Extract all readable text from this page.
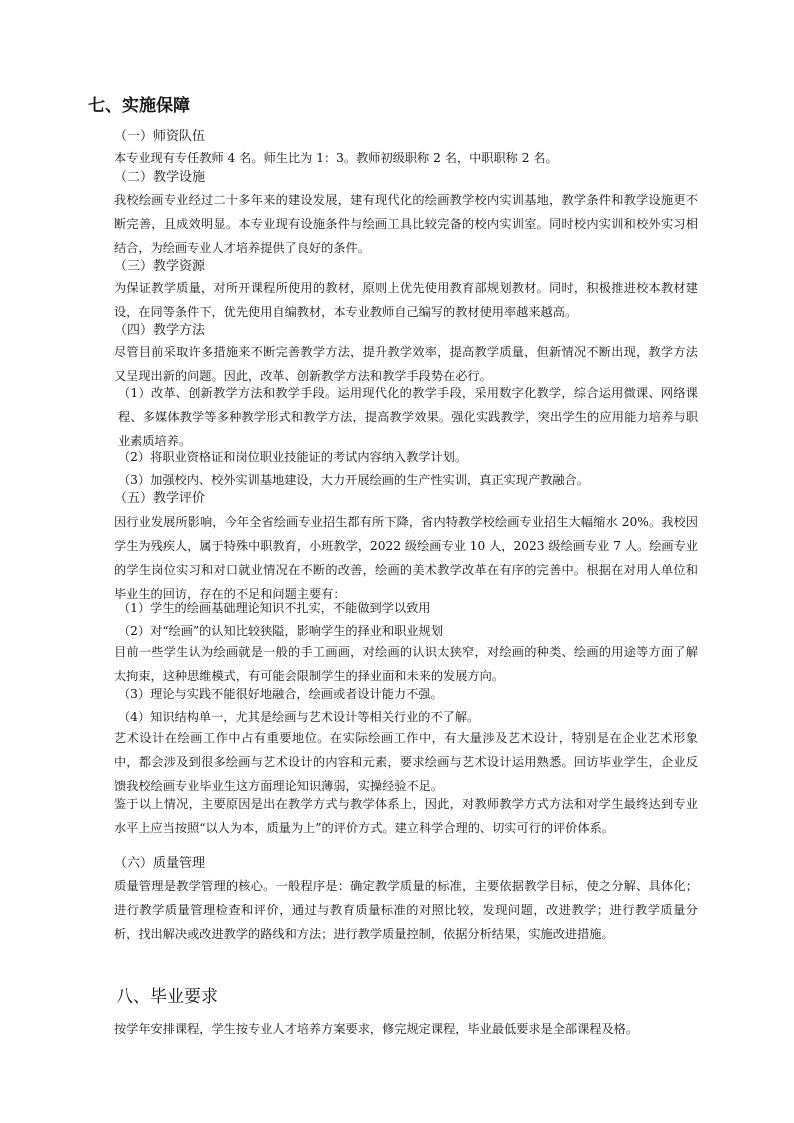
七、实施保障
（一）师资队伍
本专业现有专任教师 4 名。师生比为 1：3。教师初级职称 2 名，中职职称 2 名。
（二）教学设施
我校绘画专业经过二十多年来的建设发展，建有现代化的绘画教学校内实训基地，教学条件和教学设施更不断完善，且成效明显。本专业现有设施条件与绘画工具比较完备的校内实训室。同时校内实训和校外实习相结合，为绘画专业人才培养提供了良好的条件。
（三）教学资源
为保证教学质量，对所开课程所使用的教材，原则上优先使用教育部规划教材。同时，积极推进校本教材建设，在同等条件下，优先使用自编教材，本专业教师自己编写的教材使用率越来越高。
（四）教学方法
尽管目前采取许多措施来不断完善教学方法，提升教学效率，提高教学质量，但新情况不断出现，教学方法又呈现出新的问题。因此，改革、创新教学方法和教学手段势在必行。
（1）改革、创新教学方法和教学手段。运用现代化的教学手段，采用数字化教学，综合运用微课、网络课程、多媒体教学等多种教学形式和教学方法，提高教学效果。强化实践教学，突出学生的应用能力培养与职业素质培养。
（2）将职业资格证和岗位职业技能证的考试内容纳入教学计划。
（3）加强校内、校外实训基地建设，大力开展绘画的生产性实训，真正实现产教融合。
（五）教学评价
因行业发展所影响，今年全省绘画专业招生都有所下降，省内特教学校绘画专业招生大幅缩水 20%。我校因学生为残疾人，属于特殊中职教育，小班教学，2022 级绘画专业 10 人，2023 级绘画专业 7 人。绘画专业的学生岗位实习和对口就业情况在不断的改善，绘画的美术教学改革在有序的完善中。根据在对用人单位和毕业生的回访，存在的不足和问题主要有：
（1）学生的绘画基础理论知识不扎实，不能做到学以致用
（2）对“绘画”的认知比较狭隘，影响学生的择业和职业规划
目前一些学生认为绘画就是一般的手工画画，对绘画的认识太狭窄，对绘画的种类、绘画的用途等方面了解太拘束，这种思维模式，有可能会限制学生的择业面和未来的发展方向。
（3）理论与实践不能很好地融合，绘画或者设计能力不强。
（4）知识结构单一，尤其是绘画与艺术设计等相关行业的不了解。
艺术设计在绘画工作中占有重要地位。在实际绘画工作中，有大量涉及艺术设计，特别是在企业艺术形象中，都会涉及到很多绘画与艺术设计的内容和元素，要求绘画与艺术设计运用熟悉。回访毕业学生，企业反馈我校绘画专业毕业生这方面理论知识薄弱，实操经验不足。
鉴于以上情况，主要原因是出在教学方式与教学体系上，因此，对教师教学方式方法和对学生最终达到专业水平上应当按照“以人为本，质量为上”的评价方式。建立科学合理的、切实可行的评价体系。
（六）质量管理
质量管理是教学管理的核心。一般程序是：确定教学质量的标准，主要依据教学目标，使之分解、具体化；进行教学质量管理检查和评价，通过与教育质量标准的对照比较，发现问题，改进教学；进行教学质量分析，找出解决或改进教学的路线和方法；进行教学质量控制，依据分析结果，实施改进措施。
八、毕业要求
按学年安排课程，学生按专业人才培养方案要求，修完规定课程，毕业最低要求是全部课程及格。
